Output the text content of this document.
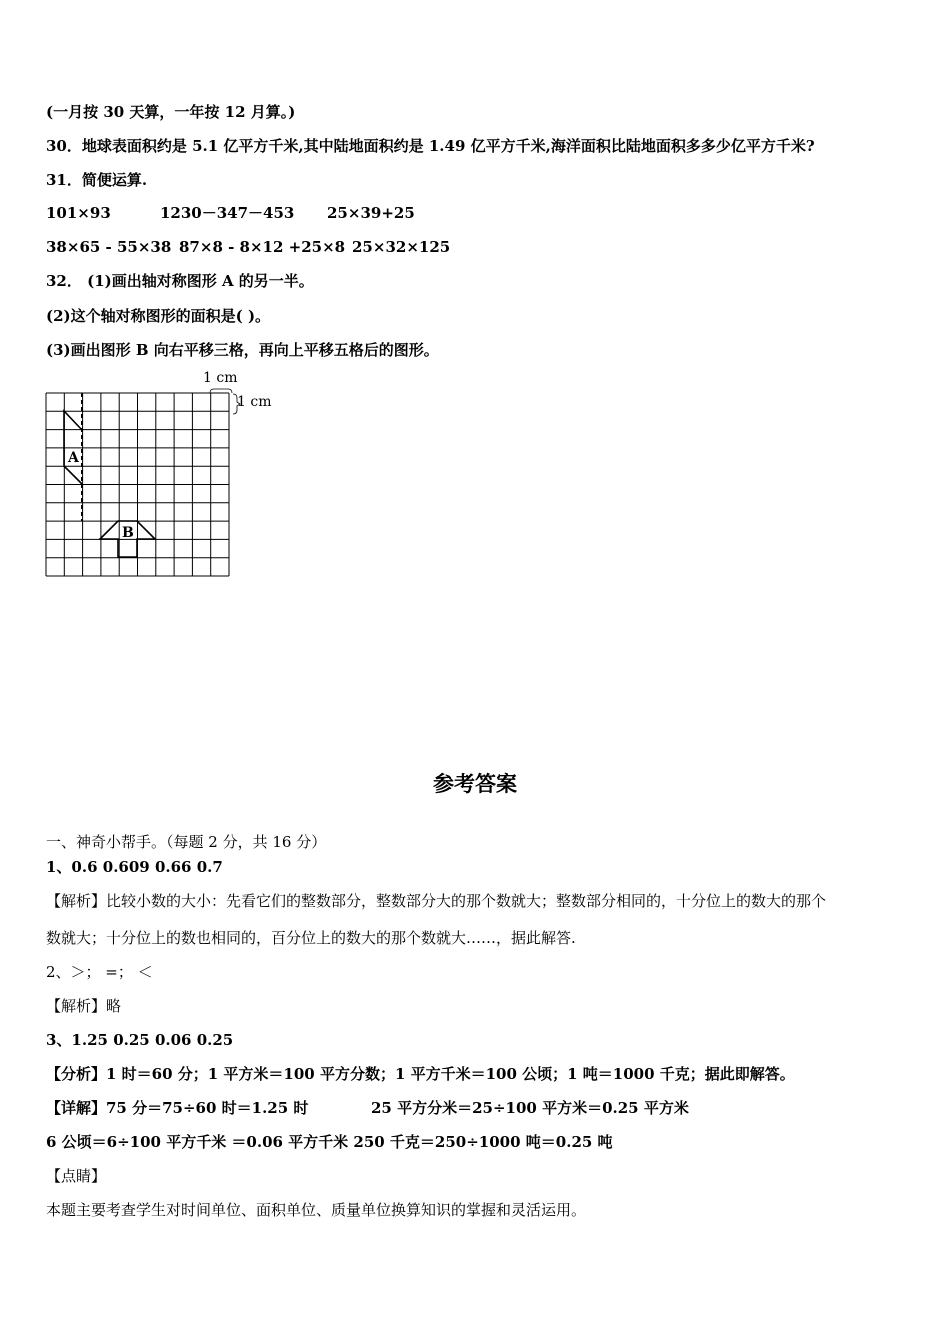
(一月按 30 天算，一年按 12 月算。)
30．地球表面积约是 5.1 亿平方千米,其中陆地面积约是 1.49 亿平方千米,海洋面积比陆地面积多多少亿平方千米?
31．简便运算.
101×93	1230－347－453 25×39+25
38×65 - 55×38 87×8 - 8×12 +25×8 25×32×125
32． (1)画出轴对称图形 A 的另一半。
(2)这个轴对称图形的面积是( )。
(3)画出图形 B 向右平移三格，再向上平移五格后的图形。
1 cm
1 cm
A
B
参考答案
一、神奇小帮手。（每题 2 分，共 16 分）
1、0.6 0.609 0.66 0.7
【解析】比较小数的大小：先看它们的整数部分，整数部分大的那个数就大；整数部分相同的，十分位上的数大的那个
数就大；十分位上的数也相同的，百分位上的数大的那个数就大……，据此解答.
2、＞； =； ＜
【解析】略
3、1.25 0.25 0.06 0.25
【分析】1 时＝60 分；1 平方米＝100 平方分数；1 平方千米＝100 公顷；1 吨＝1000 千克；据此即解答。
【详解】75 分＝75÷60 时＝1.25 时	25 平方分米＝25÷100 平方米＝0.25 平方米
6 公顷＝6÷100 平方千米 ＝0.06 平方千米 250 千克＝250÷1000 吨＝0.25 吨
【点睛】
本题主要考查学生对时间单位、面积单位、质量单位换算知识的掌握和灵活运用。
